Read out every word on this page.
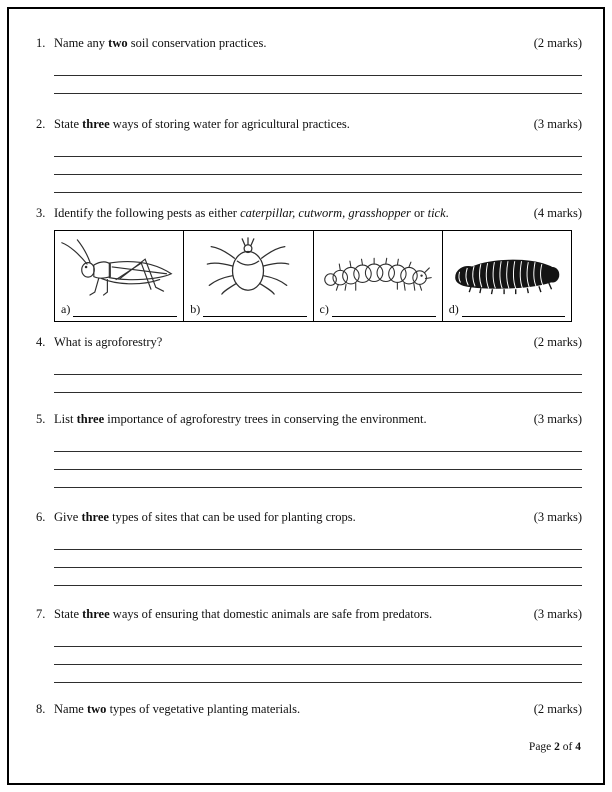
1. Name any two soil conservation practices.	(2 marks)
2. State three ways of storing water for agricultural practices.	(3 marks)
3. Identify the following pests as either caterpillar, cutworm, grasshopper or tick.	(4 marks)
a)	b)	c)	d)
4. What is agroforestry?	(2 marks)
5. List three importance of agroforestry trees in conserving the environment.	(3 marks)
6. Give three types of sites that can be used for planting crops.	(3 marks)
7. State three ways of ensuring that domestic animals are safe from predators.	(3 marks)
8. Name two types of vegetative planting materials.	(2 marks)
Page 2 of 4
